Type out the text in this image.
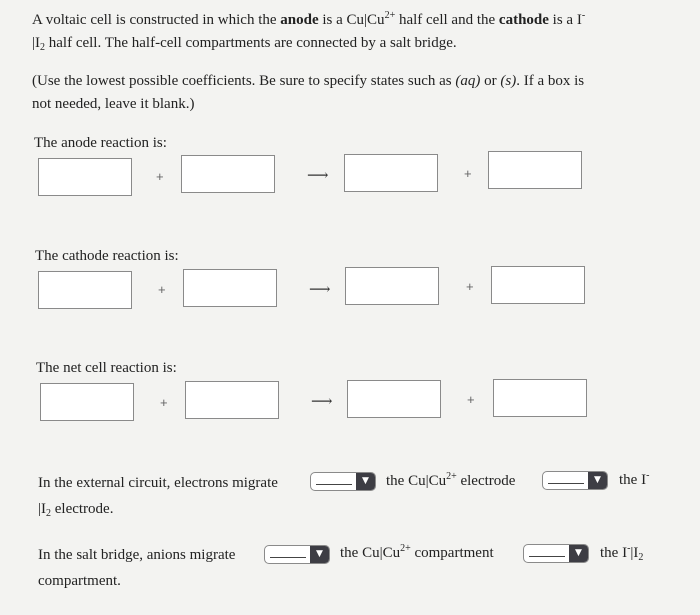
A voltaic cell is constructed in which the anode is a $Cu|Cu^{2+}$ half cell and the cathode is a I-
$|I_2$ half cell. The half-cell compartments are connected by a salt bridge.
(Use the lowest possible coefficients. Be sure to specify states such as (aq) or (s). If a box is
not needed, leave it blank.)
The anode reaction is:
+	⟶	+
The cathode reaction is:
+	⟶	+
The net cell reaction is:
+	⟶	+
In the external circuit, electrons migrate	▼	the $Cu|Cu^{2+}$ electrode	▼	the I-
$|I_2$ electrode.
In the salt bridge, anions migrate	▼	the $Cu|Cu^{2+}$ compartment	▼	the $I^-|I_2$
compartment.
